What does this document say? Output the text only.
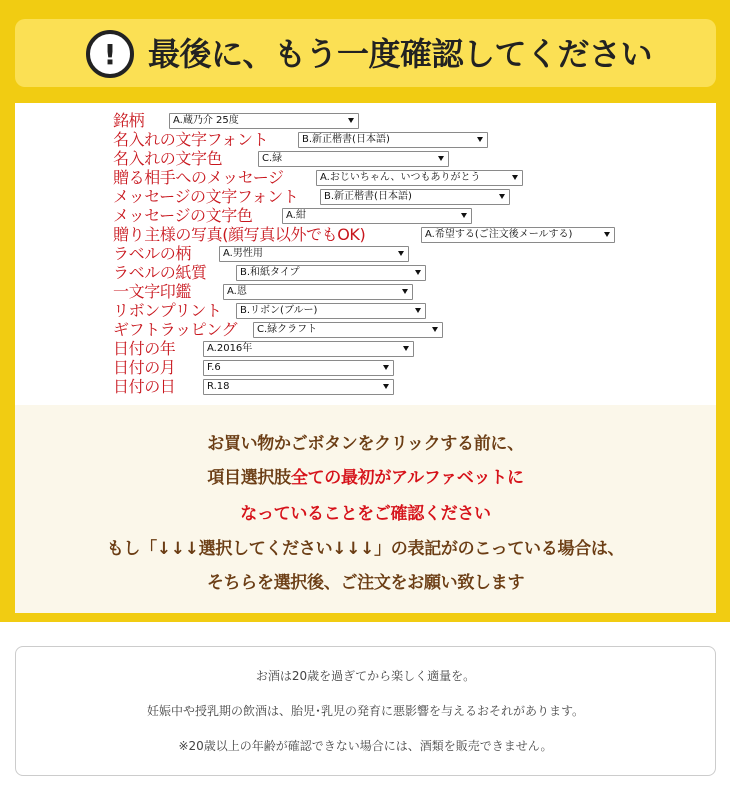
! 最後に、もう一度確認してください
銘柄	A.蔵乃介 25度
名入れの文字フォント	B.新正楷書(日本語)
名入れの文字色	C.緑
贈る相手へのメッセージ	A.おじいちゃん、いつもありがとう
メッセージの文字フォント	B.新正楷書(日本語)
メッセージの文字色	A.紺
贈り主様の写真(顔写真以外でもOK)	A.希望する(ご注文後メールする)
ラベルの柄	A.男性用
ラベルの紙質	B.和紙タイプ
一文字印鑑	A.恩
リボンプリント B.リボン(ブルー)
ギフトラッピング C.緑クラフト
日付の年	A.2016年
日付の月	F.6
日付の日	R.18
お買い物かごボタンをクリックする前に、
項目選択肢全ての最初がアルファベットに
なっていることをご確認ください
もし「↓↓↓選択してください↓↓↓」の表記がのこっている場合は、
そちらを選択後、ご注文をお願い致します
お酒は20歳を過ぎてから楽しく適量を。
妊娠中や授乳期の飲酒は、胎児･乳児の発育に悪影響を与えるおそれがあります。
※20歳以上の年齢が確認できない場合には、酒類を販売できません。
